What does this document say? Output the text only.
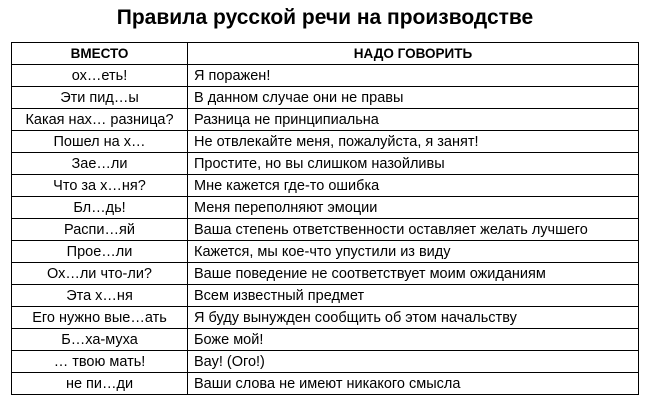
Правила русской речи на производстве
ВМЕСТО	НАДО ГОВОРИТЬ
ох…еть!	Я поражен!
Эти пид…ы	В данном случае они не правы
Какая нах… разница?	Разница не принципиальна
Пошел на х…	Не отвлекайте меня, пожалуйста, я занят!
Зае…ли	Простите, но вы слишком назойливы
Что за х…ня?	Мне кажется где-то ошибка
Бл…дь!	Меня переполняют эмоции
Распи…яй	Ваша степень ответственности оставляет желать лучшего
Прое…ли	Кажется, мы кое-что упустили из виду
Ох…ли что-ли?	Ваше поведение не соответствует моим ожиданиям
Эта х…ня	Всем известный предмет
Его нужно вые…ать	Я буду вынужден сообщить об этом начальству
Б…ха-муха	Боже мой!
… твою мать!	Вау! (Ого!)
не пи…ди	Ваши слова не имеют никакого смысла
